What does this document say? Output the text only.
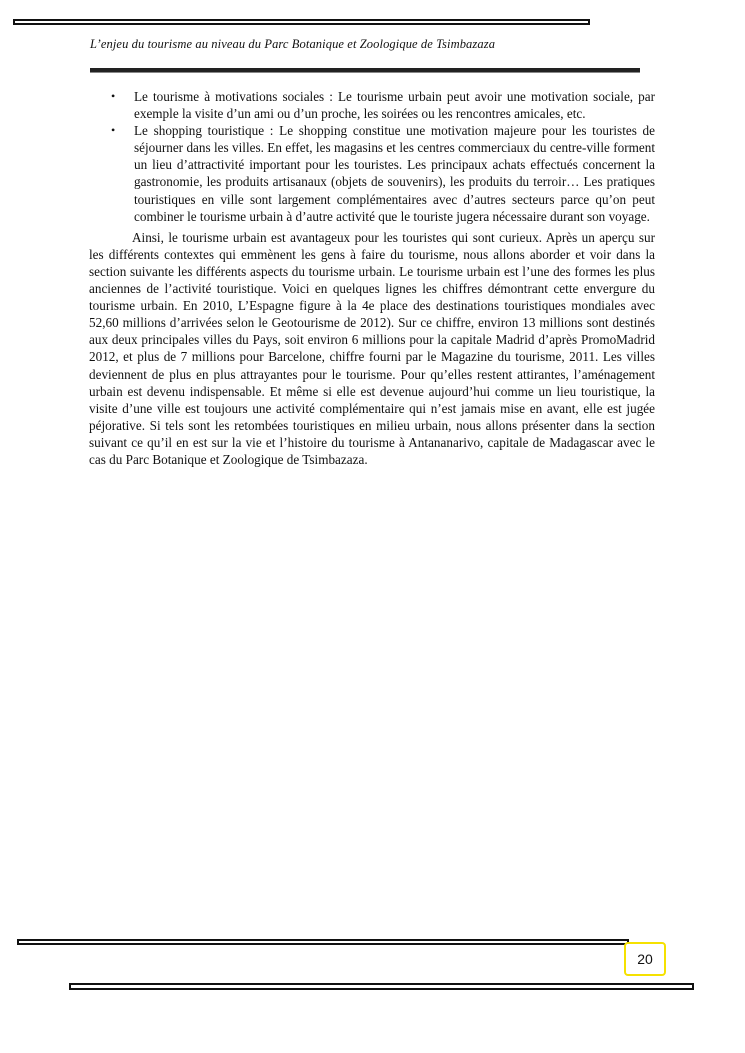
L’enjeu du tourisme au niveau du Parc Botanique et Zoologique de Tsimbazaza
• Le tourisme à motivations sociales : Le tourisme urbain peut avoir une motivation sociale, par exemple la visite d’un ami ou d’un proche, les soirées ou les rencontres amicales, etc.
• Le shopping touristique : Le shopping constitue une motivation majeure pour les touristes de séjourner dans les villes. En effet, les magasins et les centres commerciaux du centre-ville forment un lieu d’attractivité important pour les touristes. Les principaux achats effectués concernent la gastronomie, les produits artisanaux (objets de souvenirs), les produits du terroir… Les pratiques touristiques en ville sont largement complémentaires avec d’autres secteurs parce qu’on peut combiner le tourisme urbain à d’autre activité que le touriste jugera nécessaire durant son voyage.

Ainsi, le tourisme urbain est avantageux pour les touristes qui sont curieux. Après un aperçu sur les différents contextes qui emmènent les gens à faire du tourisme, nous allons aborder et voir dans la section suivante les différents aspects du tourisme urbain. Le tourisme urbain est l’une des formes les plus anciennes de l’activité touristique. Voici en quelques lignes les chiffres démontrant cette envergure du tourisme urbain. En 2010, L’Espagne figure à la 4e place des destinations touristiques mondiales avec 52,60 millions d’arrivées selon le Geotourisme de 2012). Sur ce chiffre, environ 13 millions sont destinés aux deux principales villes du Pays, soit environ 6 millions pour la capitale Madrid d’après PromoMadrid 2012, et plus de 7 millions pour Barcelone, chiffre fourni par le Magazine du tourisme, 2011. Les villes deviennent de plus en plus attrayantes pour le tourisme. Pour qu’elles restent attirantes, l’aménagement urbain est devenu indispensable. Et même si elle est devenue aujourd’hui comme un lieu touristique, la visite d’une ville est toujours une activité complémentaire qui n’est jamais mise en avant, elle est jugée péjorative. Si tels sont les retombées touristiques en milieu urbain, nous allons présenter dans la section suivant ce qu’il en est sur la vie et l’histoire du tourisme à Antananarivo, capitale de Madagascar avec le cas du Parc Botanique et Zoologique de Tsimbazaza.

20
